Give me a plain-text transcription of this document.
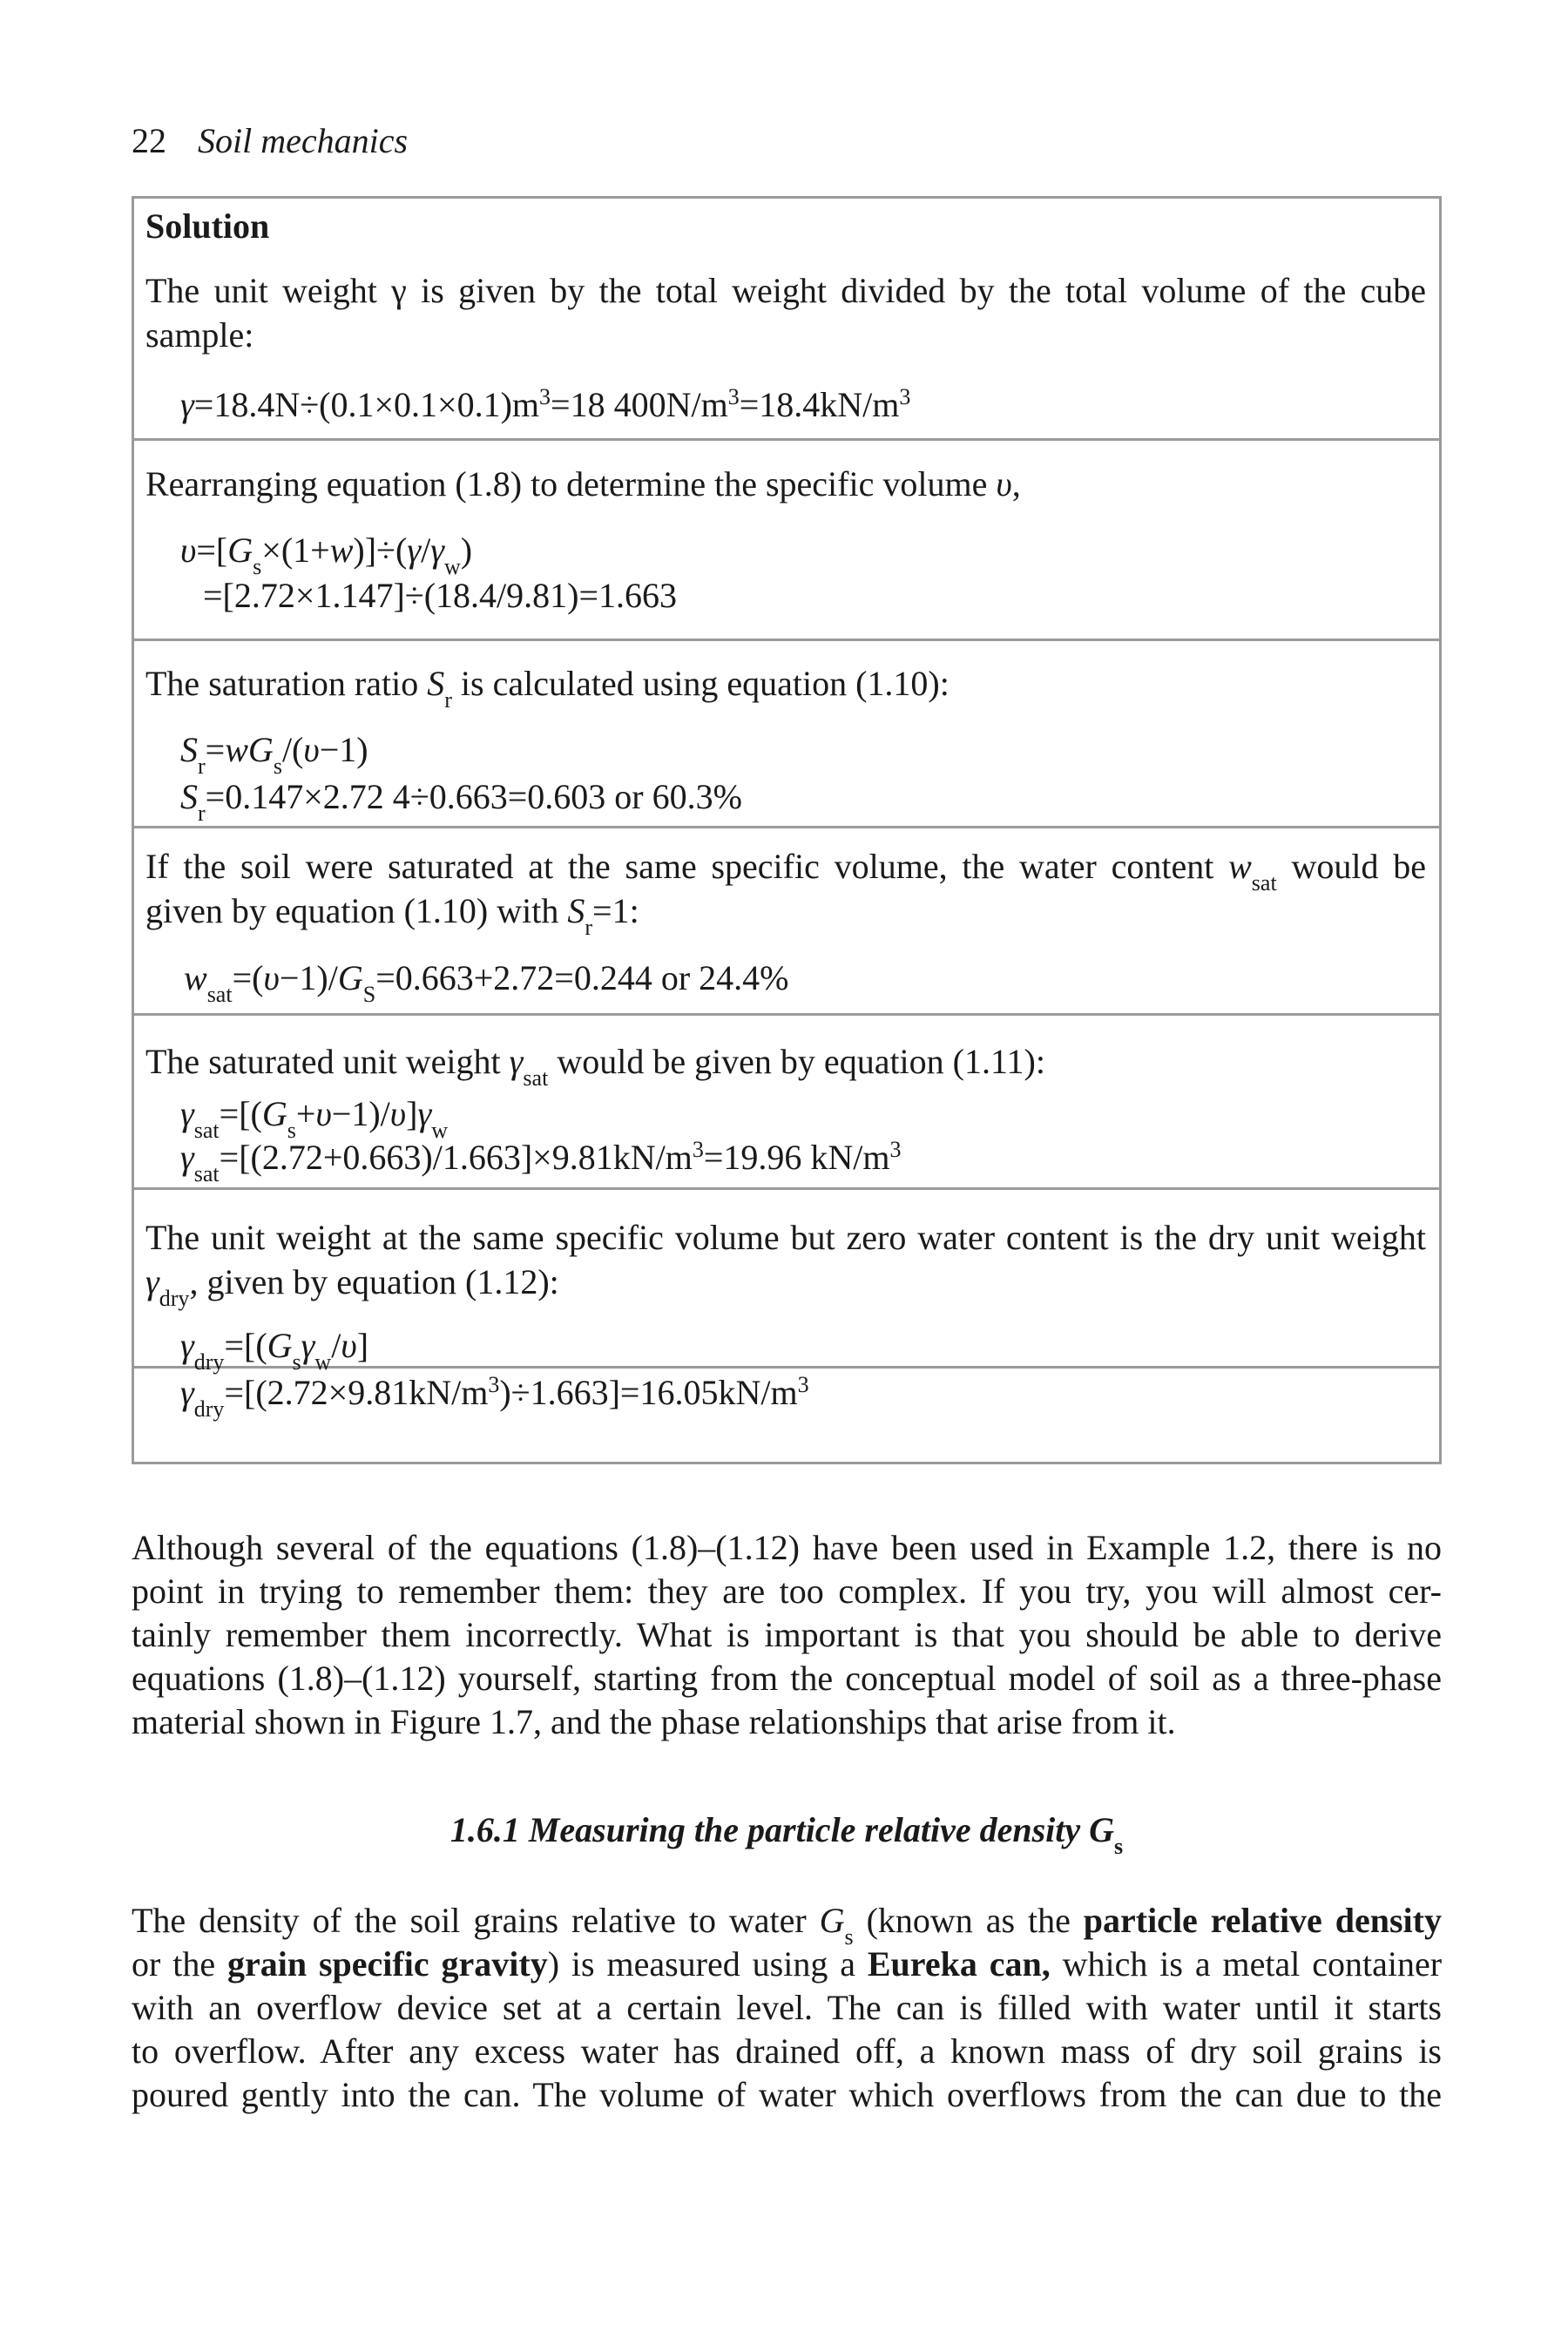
22 Soil mechanics
Solution
The unit weight γ is given by the total weight divided by the total volume of the cube
sample:
$\gamma=18.4N\div(0.1\times 0.1\times 0.1)m^3=18$ $400N/m^3=18.4kN/m^3$
Rearranging equation (1.8) to determine the specific volume υ,
$\upsilon=[G_s\times(1+w)]\div(\gamma/\gamma_w)$
=[2.72×1.147]÷(18.4/9.81)=1.663
The saturation ratio $S_r$ is calculated using equation (1.10):
$S_r=wG_s/(\upsilon-1)$
$S_r=0.147\times 2.72$ 4÷0.663=0.603 or 60.3%
If the soil were saturated at the same specific volume, the water content $w_{sat}$ would be
given by equation (1.10) with $S_r=1$:
$w_{sat}=(\upsilon-1)/G_S=0.663+2.72=0.244$ or 24.4%
The saturated unit weight $\gamma_{sat}$ would be given by equation (1.11):
$\gamma_{sat}=[(G_s+\upsilon-1)/\upsilon]\gamma_w$
$\gamma_{sat}=[(2.72+0.663)/1.663]\times 9.81kN/m^3=19.96$ $kN/m^3$
The unit weight at the same specific volume but zero water content is the dry unit weight
$\gamma_{dry}$, given by equation (1.12):
$\gamma_{dry}=[(G_s\gamma_w/\upsilon]$
$\gamma_{dry}=[(2.72\times 9.81kN/m^3)\div 1.663]=16.05kN/m^3$
Although several of the equations (1.8)–(1.12) have been used in Example 1.2, there is no
point in trying to remember them: they are too complex. If you try, you will almost cer-
tainly remember them incorrectly. What is important is that you should be able to derive
equations (1.8)–(1.12) yourself, starting from the conceptual model of soil as a three-phase
material shown in Figure 1.7, and the phase relationships that arise from it.
1.6.1 Measuring the particle relative density $G_s$
The density of the soil grains relative to water $G_s$ (known as the particle relative density
or the grain specific gravity) is measured using a Eureka can, which is a metal container
with an overflow device set at a certain level. The can is filled with water until it starts
to overflow. After any excess water has drained off, a known mass of dry soil grains is
poured gently into the can. The volume of water which overflows from the can due to the
